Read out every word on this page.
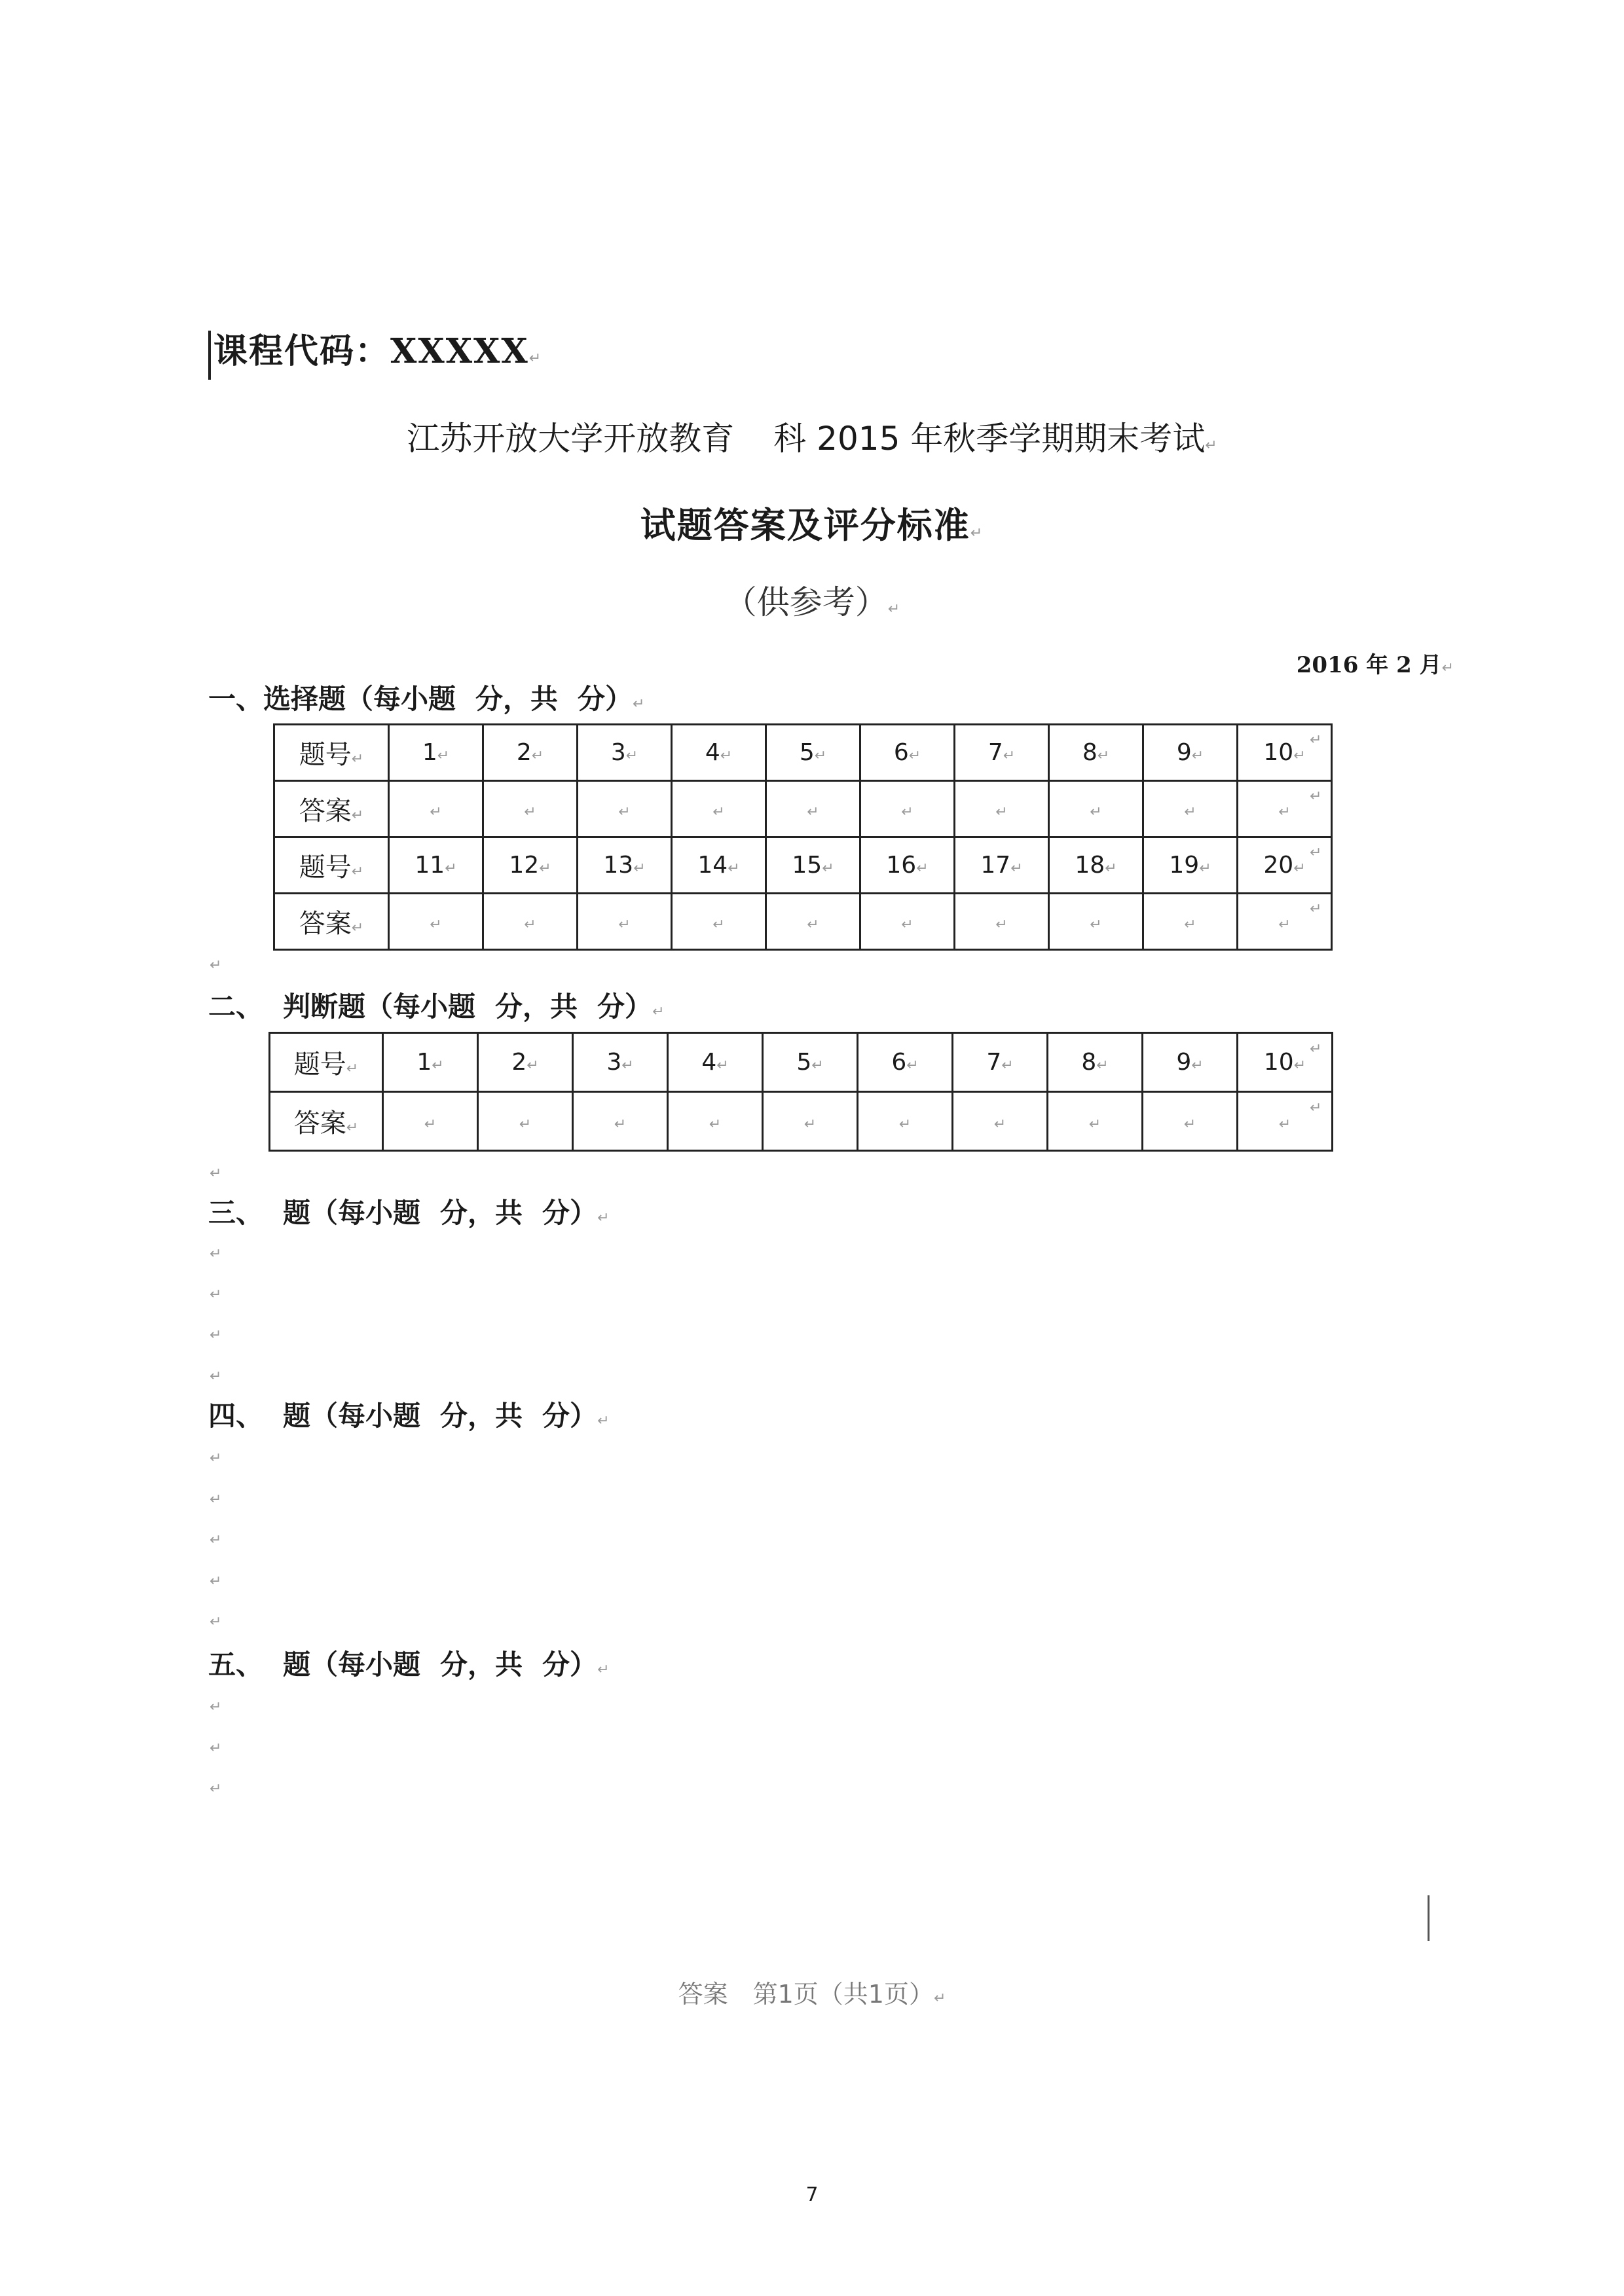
课程代码：XXXXX↵
江苏开放大学开放教育 科 2015 年秋季学期期末考试↵
试题答案及评分标准↵
（供参考）↵
2016 年 2 月↵
一、选择题（每小题 分，共 分）↵
题号↵	1↵	2↵	3↵	4↵	5↵	6↵	7↵	8↵	9↵	10↵
答案↵	↵	↵	↵	↵	↵	↵	↵	↵	↵	↵
题号↵	11↵	12↵	13↵	14↵	15↵	16↵	17↵	18↵	19↵	20↵
答案↵	↵	↵	↵	↵	↵	↵	↵	↵	↵	↵
↵
↵
↵
↵
↵
二、 判断题（每小题 分，共 分）↵
题号↵	1↵	2↵	3↵	4↵	5↵	6↵	7↵	8↵	9↵	10↵
答案↵	↵	↵	↵	↵	↵	↵	↵	↵	↵	↵
↵
↵
↵
三、 题（每小题 分，共 分）↵
↵
↵
↵
↵
四、 题（每小题 分，共 分）↵
↵
↵
↵
↵
↵
五、 题（每小题 分，共 分）↵
↵
↵
↵
答案　第1页（共1页）↵
7
